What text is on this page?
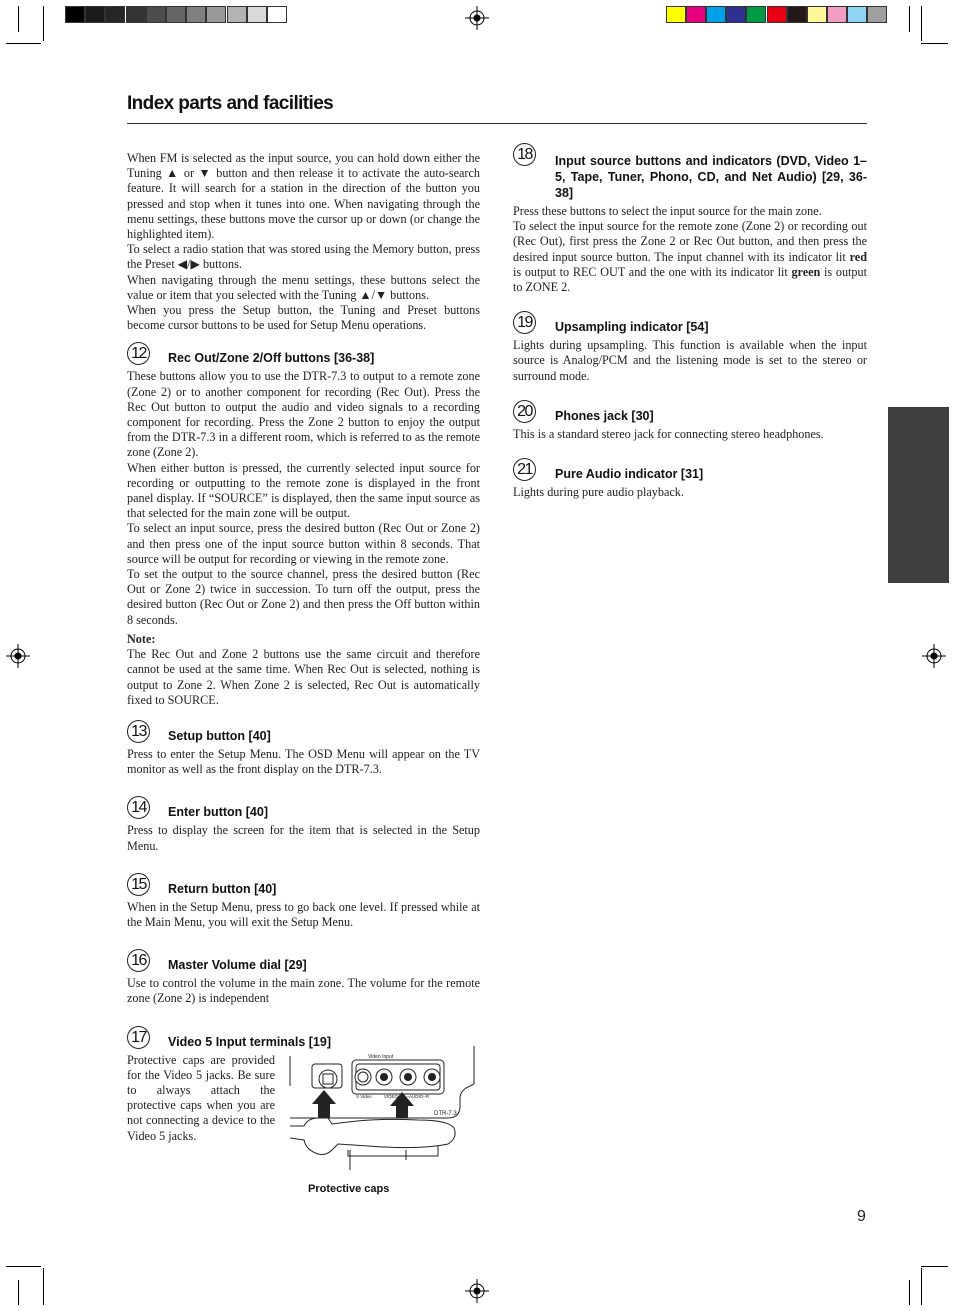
Index parts and facilities

When FM is selected as the input source, you can hold down either the Tuning ▲ or ▼ button and then release it to activate the auto-search feature. It will search for a station in the direction of the button you pressed and stop when it tunes into one. When navigating through the menu settings, these buttons move the cursor up or down (or change the highlighted item).

To select a radio station that was stored using the Memory button, press the Preset ◀/▶ buttons.

When navigating through the menu settings, these buttons select the value or item that you selected with the Tuning ▲/▼ buttons.

When you press the Setup button, the Tuning and Preset buttons become cursor buttons to be used for Setup Menu operations.

12	Rec Out/Zone 2/Off buttons [36-38]

These buttons allow you to use the DTR-7.3 to output to a remote zone (Zone 2) or to another component for recording (Rec Out). Press the Rec Out button to output the audio and video signals to a recording component for recording. Press the Zone 2 button to enjoy the output from the DTR-7.3 in a different room, which is referred to as the remote zone (Zone 2).

When either button is pressed, the currently selected input source for recording or outputting to the remote zone is displayed in the front panel display. If “SOURCE” is displayed, then the same input source as that selected for the main zone will be output.

To select an input source, press the desired button (Rec Out or Zone 2) and then press one of the input source button within 8 seconds. That source will be output for recording or viewing in the remote zone.

To set the output to the source channel, press the desired button (Rec Out or Zone 2) twice in succession. To turn off the output, press the desired button (Rec Out or Zone 2) and then press the Off button within 8 seconds.

Note:

The Rec Out and Zone 2 buttons use the same circuit and therefore cannot be used at the same time. When Rec Out is selected, nothing is output to Zone 2. When Zone 2 is selected, Rec Out is automatically fixed to SOURCE.

13	Setup button [40]

Press to enter the Setup Menu. The OSD Menu will appear on the TV monitor as well as the front display on the DTR-7.3.

14	Enter button [40]

Press to display the screen for the item that is selected in the Setup Menu.

15	Return button [40]

When in the Setup Menu, press to go back one level. If pressed while at the Main Menu, you will exit the Setup Menu.

16	Master Volume dial [29]

Use to control the volume in the main zone. The volume for the remote zone (Zone 2) is independent

17	Video 5 Input terminals [19]

Protective caps are provided for the Video 5 jacks. Be sure to always attach the protective caps when you are not connecting a device to the Video 5 jacks.

Video Input
S Video	VIDEO L–AUDIO–R
DTR-7.3
Protective caps
18	Input source buttons and indicators (DVD, Video 1–5, Tape, Tuner, Phono, CD, and Net Audio) [29, 36-38]

Press these buttons to select the input source for the main zone.

To select the input source for the remote zone (Zone 2) or recording out (Rec Out), first press the Zone 2 or Rec Out button, and then press the desired input source button. The input channel with its indicator lit red is output to REC OUT and the one with its indicator lit green is output to ZONE 2.

19	Upsampling indicator [54]

Lights during upsampling. This function is available when the input source is Analog/PCM and the listening mode is set to the stereo or surround mode.

20	Phones jack [30]

This is a standard stereo jack for connecting stereo headphones.

21	Pure Audio indicator [31]

Lights during pure audio playback.

9
